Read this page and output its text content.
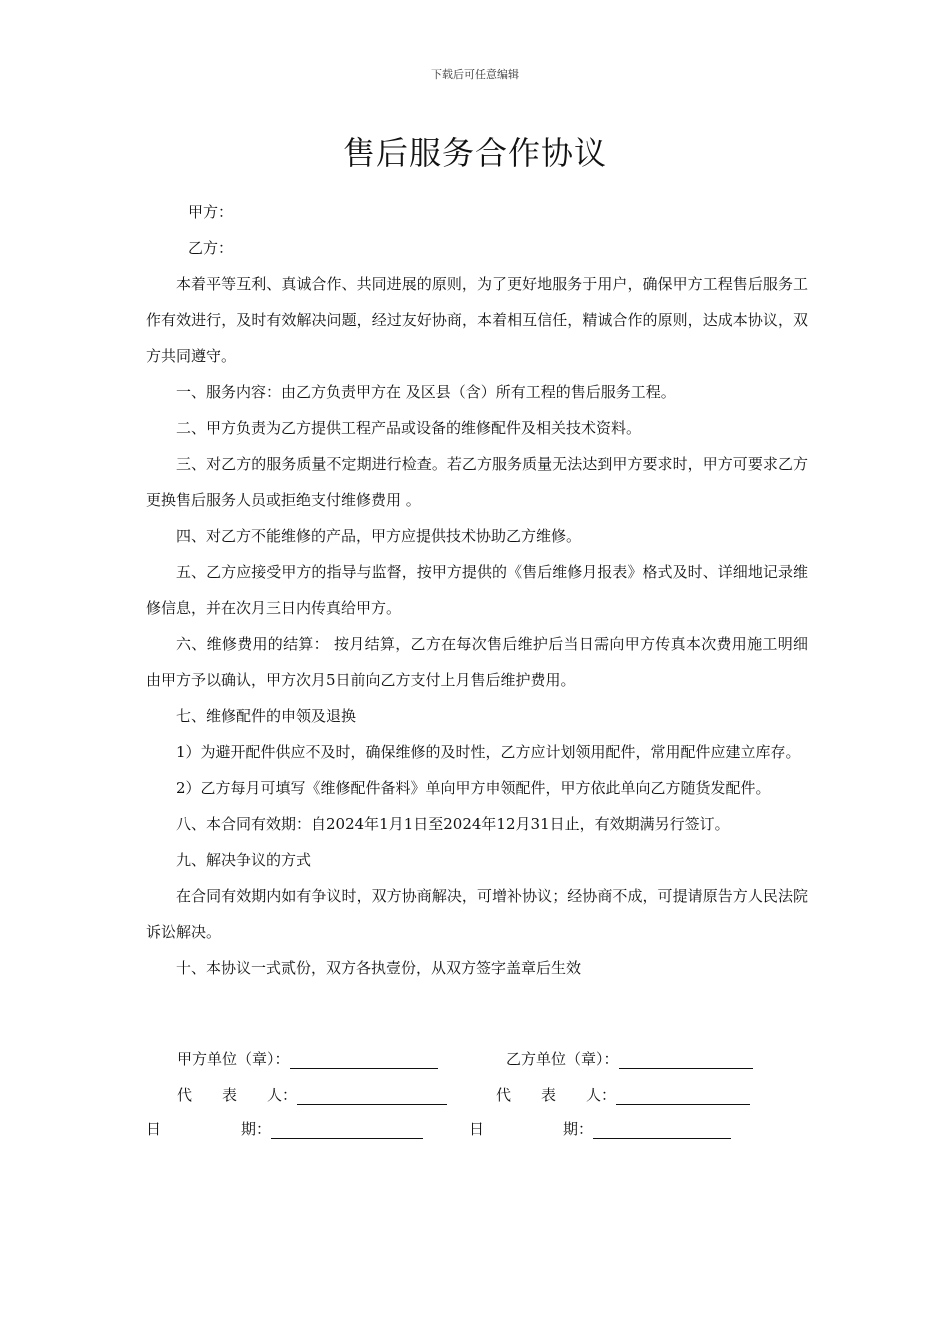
下载后可任意编辑
售后服务合作协议

甲方：

乙方：

本着平等互利、真诚合作、共同进展的原则，为了更好地服务于用户，确保甲方工程售后服务工作有效进行，及时有效解决问题，经过友好协商，本着相互信任，精诚合作的原则，达成本协议，双方共同遵守。

一、服务内容：由乙方负责甲方在 及区县（含）所有工程的售后服务工程。

二、甲方负责为乙方提供工程产品或设备的维修配件及相关技术资料。

三、对乙方的服务质量不定期进行检查。若乙方服务质量无法达到甲方要求时，甲方可要求乙方更换售后服务人员或拒绝支付维修费用 。

四、对乙方不能维修的产品，甲方应提供技术协助乙方维修。

五、乙方应接受甲方的指导与监督，按甲方提供的《售后维修月报表》格式及时、详细地记录维修信息，并在次月三日内传真给甲方。

六、维修费用的结算： 按月结算，乙方在每次售后维护后当日需向甲方传真本次费用施工明细由甲方予以确认，甲方次月5日前向乙方支付上月售后维护费用。

七、维修配件的申领及退换

1）为避开配件供应不及时，确保维修的及时性，乙方应计划领用配件，常用配件应建立库存。

2）乙方每月可填写《维修配件备料》单向甲方申领配件，甲方依此单向乙方随货发配件。

八、本合同有效期：自2024年1月1日至2024年12月31日止，有效期满另行签订。

九、解决争议的方式

在合同有效期内如有争议时，双方协商解决，可增补协议；经协商不成，可提请原告方人民法院诉讼解决。

十、本协议一式贰份，双方各执壹份，从双方签字盖章后生效

甲方单位（章）：	乙方单位（章）：
代　　表　　人：	代　　表　　人：
日	期：	日	期：
